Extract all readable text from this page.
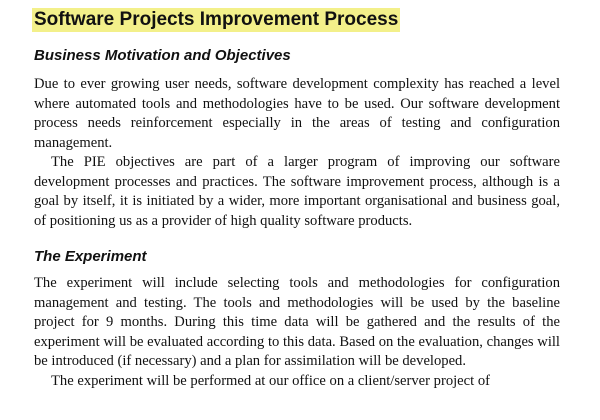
Software Projects Improvement Process
Business Motivation and Objectives

Due to ever growing user needs, software development complexity has reached a level where automated tools and methodologies have to be used. Our software development process needs reinforcement especially in the areas of testing and configuration management.

The PIE objectives are part of a larger program of improving our software development processes and practices. The software improvement process, although is a goal by itself, it is initiated by a wider, more important organisational and business goal, of positioning us as a provider of high quality software products.

The Experiment

The experiment will include selecting tools and methodologies for configuration management and testing. The tools and methodologies will be used by the baseline project for 9 months. During this time data will be gathered and the results of the experiment will be evaluated according to this data. Based on the evaluation, changes will be introduced (if necessary) and a plan for assimilation will be developed.

The experiment will be performed at our office on a client/server project of
